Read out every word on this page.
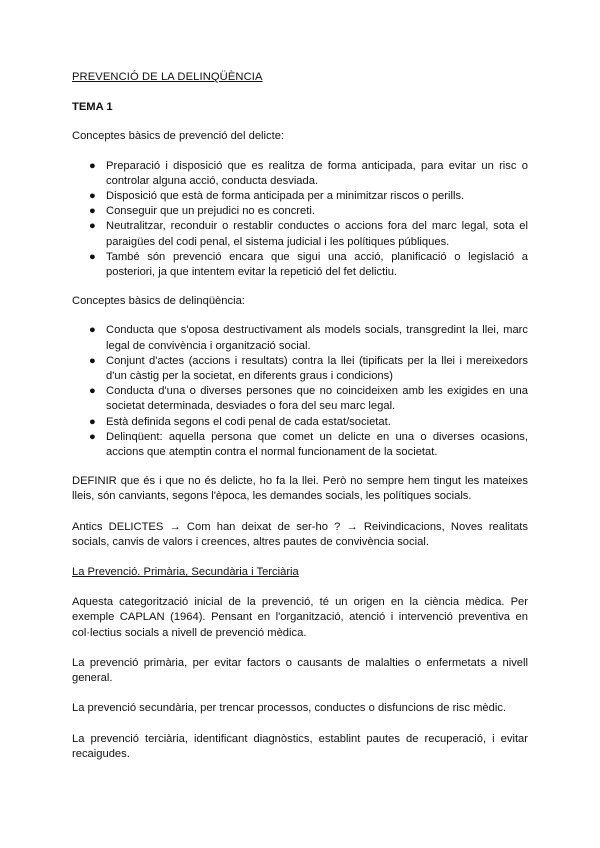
PREVENCIÓ DE LA DELINQÜÈNCIA
TEMA 1

Conceptes bàsics de prevenció del delicte:

● Preparació i disposició que es realitza de forma anticipada, para evitar un risc o controlar alguna acció, conducta desviada.
● Disposició que està de forma anticipada per a minimitzar riscos o perills.
● Conseguir que un prejudici no es concreti.
● Neutralitzar, reconduir o restablir conductes o accions fora del marc legal, sota el paraigües del codi penal, el sistema judicial i les polítiques públiques.
● També són prevenció encara que sigui una acció, planificació o legislació a posteriori, ja que intentem evitar la repetició del fet delictiu.

Conceptes bàsics de delinqüència:

● Conducta que s'oposa destructivament als models socials, transgredint la llei, marc legal de convivència i organització social.
● Conjunt d'actes (accions i resultats) contra la llei (tipificats per la llei i mereixedors d'un càstig per la societat, en diferents graus i condicions)
● Conducta d'una o diverses persones que no coincideixen amb les exigides en una societat determinada, desviades o fora del seu marc legal.
● Està definida segons el codi penal de cada estat/societat.
● Delinqüent: aquella persona que comet un delicte en una o diverses ocasions, accions que atemptin contra el normal funcionament de la societat.

DEFINIR que és i que no és delicte, ho fa la llei. Però no sempre hem tingut les mateixes lleis, són canviants, segons l'època, les demandes socials, les polítiques socials.

Antics DELICTES → Com han deixat de ser-ho ? → Reivindicacions, Noves realitats socials, canvis de valors i creences, altres pautes de convivència social.

La Prevenció. Primària, Secundària i Terciària

Aquesta categorització inicial de la prevenció, té un origen en la ciència mèdica. Per exemple CAPLAN (1964). Pensant en l'organització, atenció i intervenció preventiva en col·lectius socials a nivell de prevenció mèdica.

La prevenció primària, per evitar factors o causants de malalties o enfermetats a nivell general.

La prevenció secundària, per trencar processos, conductes o disfuncions de risc mèdic.

La prevenció terciària, identificant diagnòstics, establint pautes de recuperació, i evitar recaigudes.
